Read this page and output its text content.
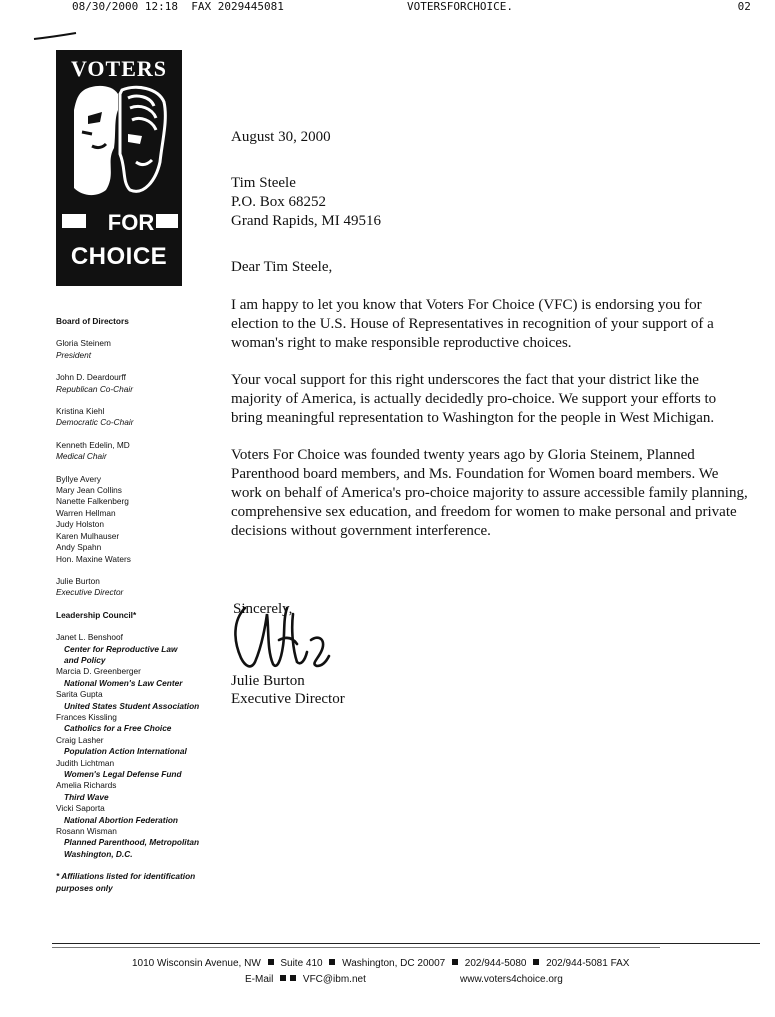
08/30/2000 12:18  FAX 2029445081	VOTERSFORCHOICE.	02
VOTERS
FOR
CHOICE
Board of Directors
Gloria Steinem
President
John D. Deardourff
Republican Co-Chair
Kristina Kiehl
Democratic Co-Chair
Kenneth Edelin, MD
Medical Chair
Byllye Avery
Mary Jean Collins
Nanette Falkenberg
Warren Hellman
Judy Holston
Karen Mulhauser
Andy Spahn
Hon. Maxine Waters
Julie Burton
Executive Director
Leadership Council*
Janet L. Benshoof
Center for Reproductive Law
and Policy
Marcia D. Greenberger
National Women's Law Center
Sarita Gupta
United States Student Association
Frances Kissling
Catholics for a Free Choice
Craig Lasher
Population Action International
Judith Lichtman
Women's Legal Defense Fund
Amelia Richards
Third Wave
Vicki Saporta
National Abortion Federation
Rosann Wisman
Planned Parenthood, Metropolitan
Washington, D.C.
* Affiliations listed for identification purposes only
August 30, 2000
Tim Steele
P.O. Box 68252
Grand Rapids, MI 49516
Dear Tim Steele,

I am happy to let you know that Voters For Choice (VFC) is endorsing you for election to the U.S. House of Representatives in recognition of your support of a woman's right to make responsible reproductive choices.

Your vocal support for this right underscores the fact that your district like the majority of America, is actually decidedly pro-choice. We support your efforts to bring meaningful representation to Washington for the people in West Michigan.

Voters For Choice was founded twenty years ago by Gloria Steinem, Planned Parenthood board members, and Ms. Foundation for Women board members. We work on behalf of America's pro-choice majority to assure accessible family planning, comprehensive sex education, and freedom for women to make personal and private decisions without government interference.

Sincerely,
Julie Burton
Executive Director
1010 Wisconsin Avenue, NW Suite 410 Washington, DC 20007 202/944-5080 202/944-5081 FAX
E-Mail	VFC@ibm.net	www.voters4choice.org
